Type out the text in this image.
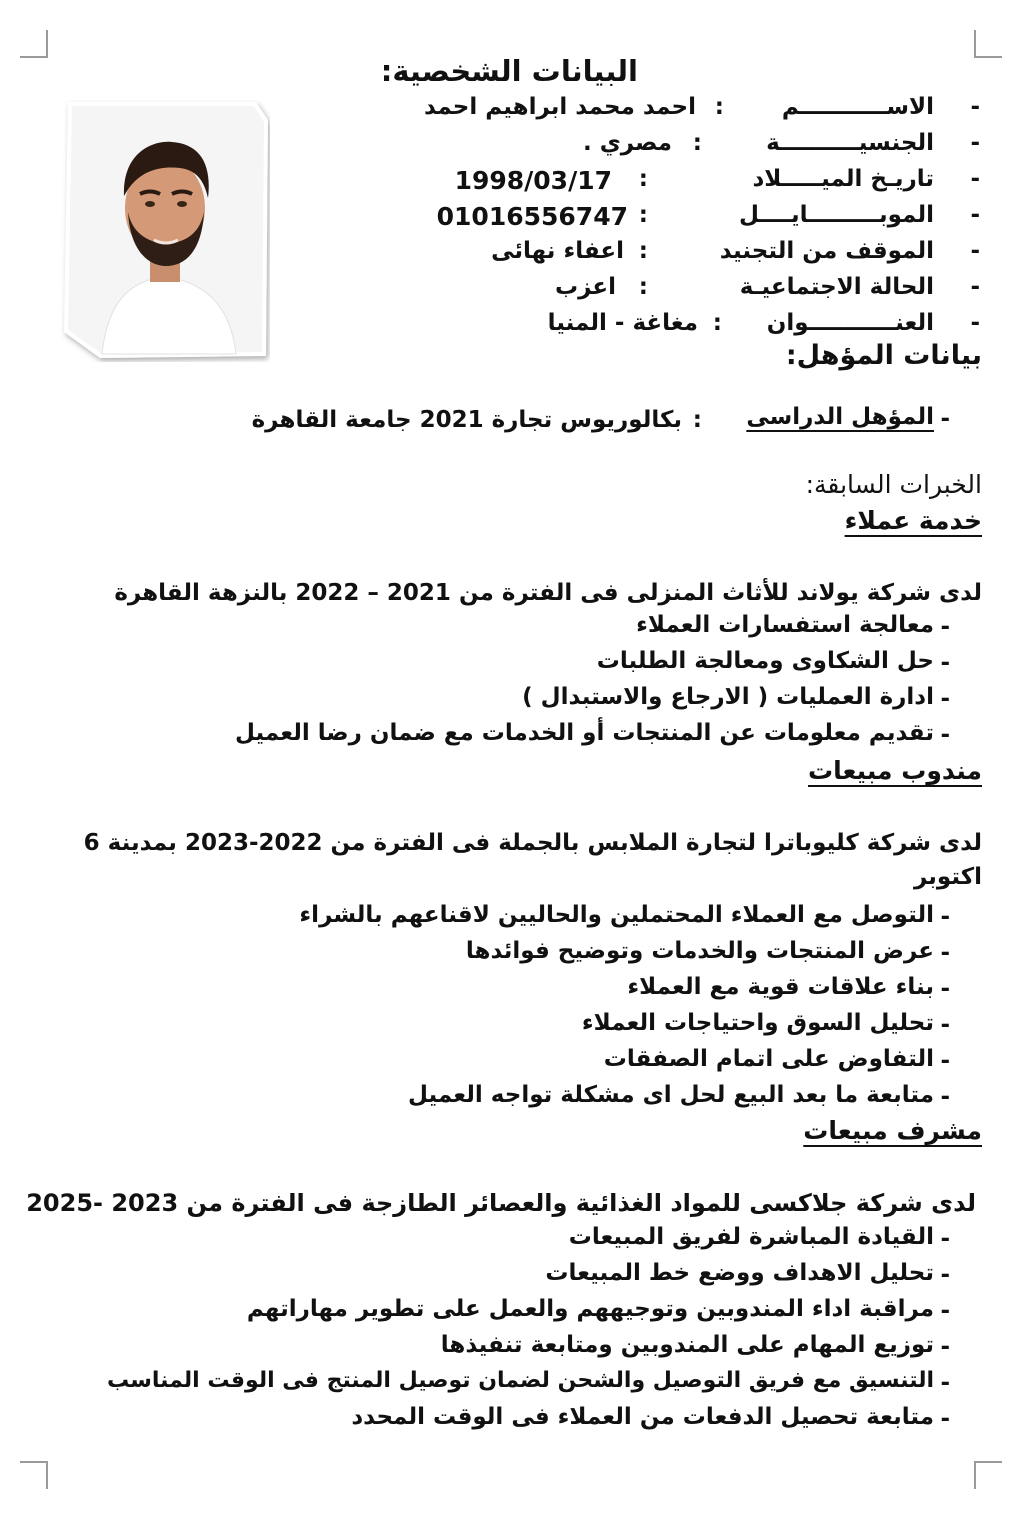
البيانات الشخصية:
-
الاســـــــــــم
:
احمد محمد ابراهيم احمد
-
الجنسيــــــــــة
:
مصري .
-
تاريـخ الميـــــلاد
:
1998/03/17
-
الموبـــــــــايــــل
:
01016556747
-
الموقف من التجنيد
:
اعفاء نهائى
-
الحالة الاجتماعيـة
:
اعزب
-
العنـــــــــــوان
:
مغاغة - المنيا
بيانات المؤهل:
-
المؤهل الدراسى
:
بكالوريوس تجارة 2021 جامعة القاهرة
الخبرات السابقة:
خدمة عملاء
لدى شركة يولاند للأثاث المنزلى فى الفترة من 2021 – 2022 بالنزهة القاهرة
-
معالجة استفسارات العملاء
-
حل الشكاوى ومعالجة الطلبات
-
ادارة العمليات ( الارجاع والاستبدال )
-
تقديم معلومات عن المنتجات أو الخدمات مع ضمان رضا العميل
مندوب مبيعات
لدى شركة كليوباترا لتجارة الملابس بالجملة فى الفترة من 2022-2023 بمدينة 6
اكتوبر
-
التوصل مع العملاء المحتملين والحاليين لاقناعهم بالشراء
-
عرض المنتجات والخدمات وتوضيح فوائدها
-
بناء علاقات قوية مع العملاء
-
تحليل السوق واحتياجات العملاء
-
التفاوض على اتمام الصفقات
-
متابعة ما بعد البيع لحل اى مشكلة تواجه العميل
مشرف مبيعات
لدى شركة جلاكسى للمواد الغذائية والعصائر الطازجة فى الفترة من 2023 -2025
-
القيادة المباشرة لفريق المبيعات
-
تحليل الاهداف ووضع خط المبيعات
-
مراقبة اداء المندوبين وتوجيههم والعمل على تطوير مهاراتهم
-
توزيع المهام على المندوبين ومتابعة تنفيذها
-
التنسيق مع فريق التوصيل والشحن لضمان توصيل المنتج فى الوقت المناسب
-
متابعة تحصيل الدفعات من العملاء فى الوقت المحدد
